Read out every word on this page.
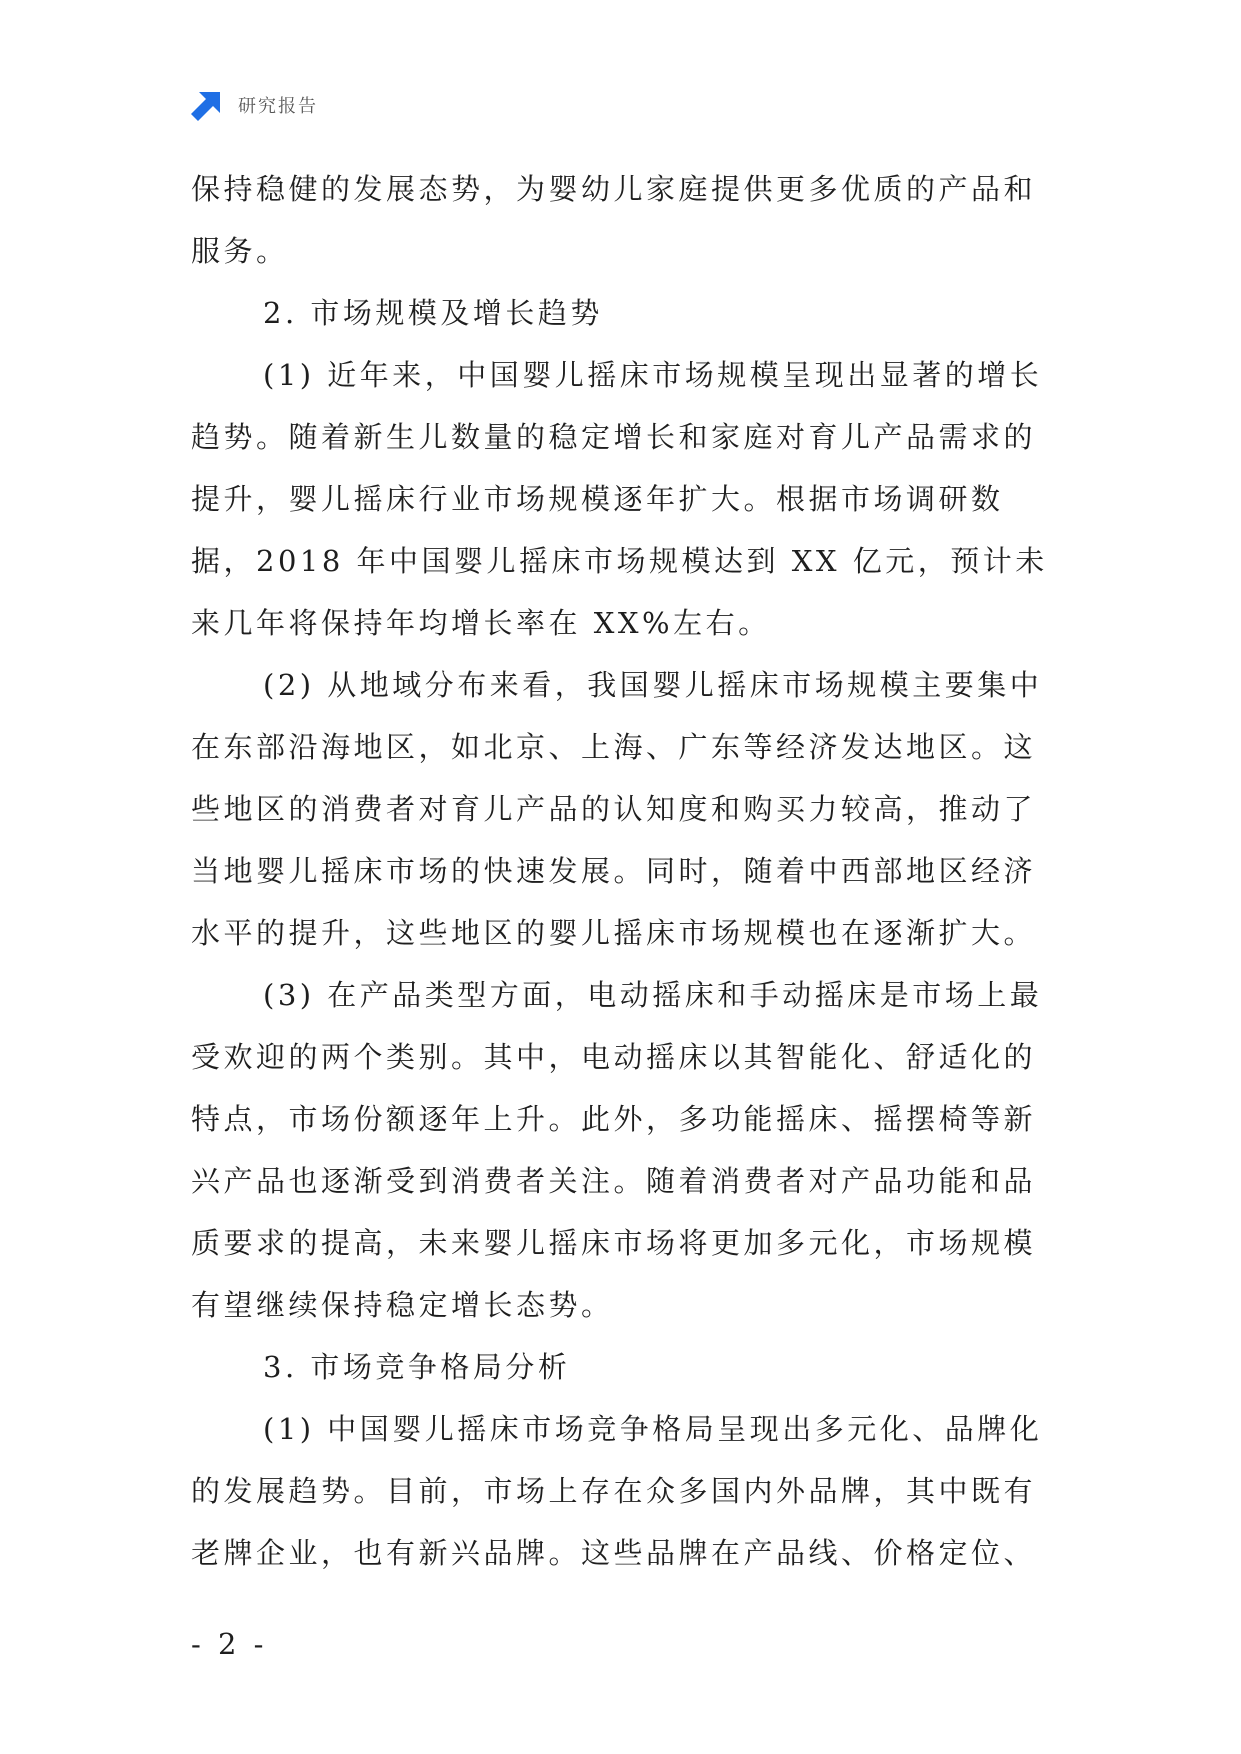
研究报告

保持稳健的发展态势，为婴幼儿家庭提供更多优质的产品和服务。

2. 市场规模及增长趋势

(1) 近年来，中国婴儿摇床市场规模呈现出显著的增长趋势。随着新生儿数量的稳定增长和家庭对育儿产品需求的提升，婴儿摇床行业市场规模逐年扩大。根据市场调研数据，2018 年中国婴儿摇床市场规模达到 XX 亿元，预计未来几年将保持年均增长率在 XX%左右。

(2) 从地域分布来看，我国婴儿摇床市场规模主要集中在东部沿海地区，如北京、上海、广东等经济发达地区。这些地区的消费者对育儿产品的认知度和购买力较高，推动了当地婴儿摇床市场的快速发展。同时，随着中西部地区经济水平的提升，这些地区的婴儿摇床市场规模也在逐渐扩大。

(3) 在产品类型方面，电动摇床和手动摇床是市场上最受欢迎的两个类别。其中，电动摇床以其智能化、舒适化的特点，市场份额逐年上升。此外，多功能摇床、摇摆椅等新兴产品也逐渐受到消费者关注。随着消费者对产品功能和品质要求的提高，未来婴儿摇床市场将更加多元化，市场规模有望继续保持稳定增长态势。

3. 市场竞争格局分析

(1) 中国婴儿摇床市场竞争格局呈现出多元化、品牌化的发展趋势。目前，市场上存在众多国内外品牌，其中既有老牌企业，也有新兴品牌。这些品牌在产品线、价格定位、

- 2 -
